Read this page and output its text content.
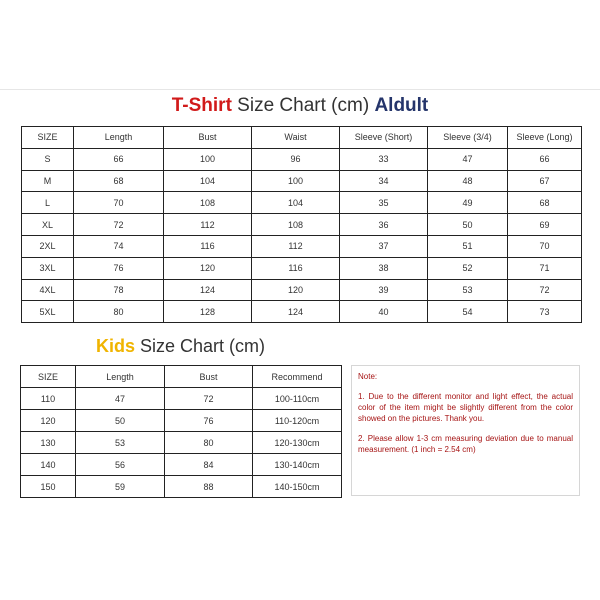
T-Shirt Size Chart (cm) Aldult
SIZE	Length	Bust	Waist	Sleeve (Short)	Sleeve (3/4)	Sleeve (Long)
S	66	100	96	33	47	66
M	68	104	100	34	48	67
L	70	108	104	35	49	68
XL	72	112	108	36	50	69
2XL	74	116	112	37	51	70
3XL	76	120	116	38	52	71
4XL	78	124	120	39	53	72
5XL	80	128	124	40	54	73
Kids Size Chart (cm)
SIZE	Length	Bust	Recommend
110	47	72	100-110cm
120	50	76	110-120cm
130	53	80	120-130cm
140	56	84	130-140cm
150	59	88	140-150cm

Note:

1. Due to the different monitor and light effect, the actual color of the item might be slightly different from the color showed on the pictures. Thank you.

2. Please allow 1-3 cm measuring deviation due to manual measurement. (1 inch = 2.54 cm)
